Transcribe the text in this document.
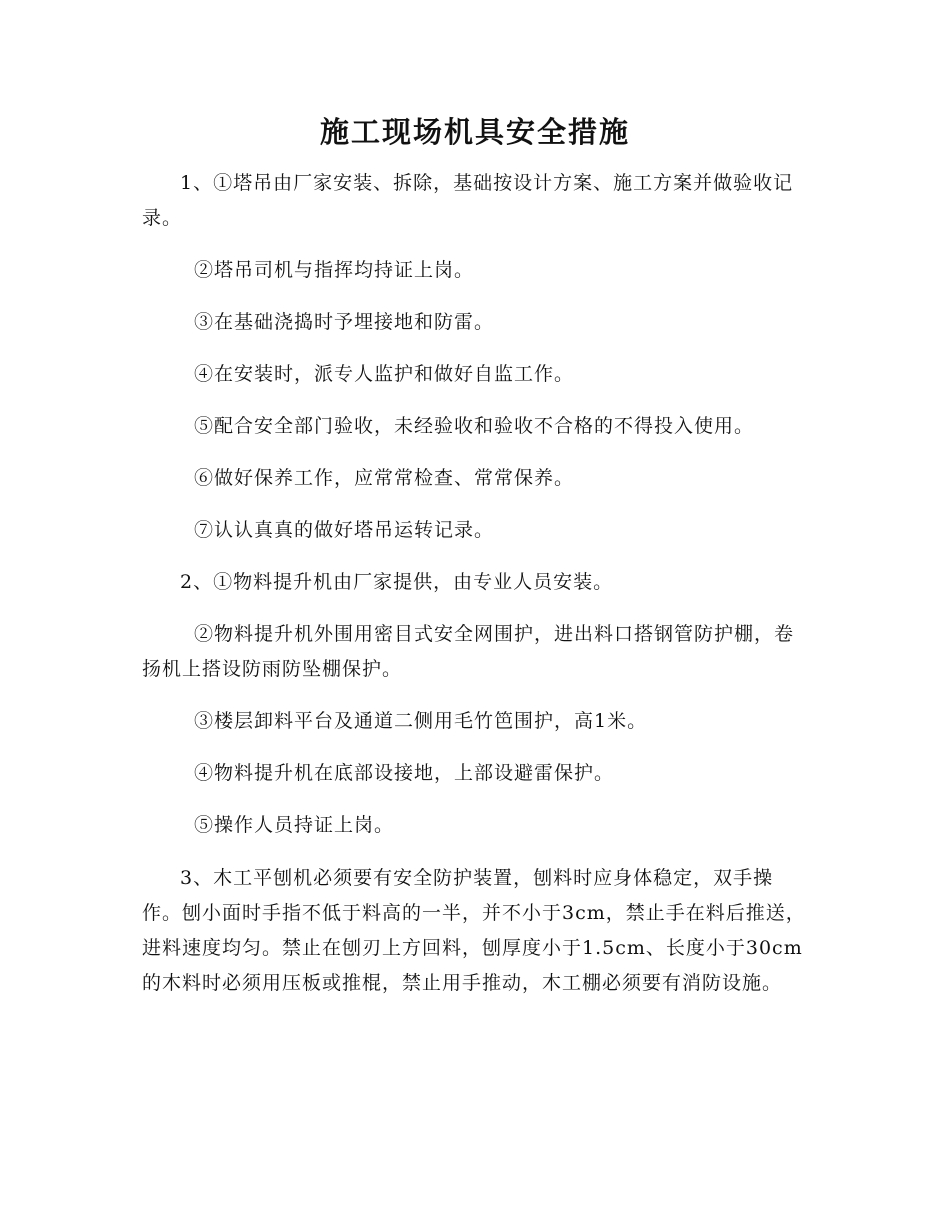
施工现场机具安全措施

1、①塔吊由厂家安装、拆除，基础按设计方案、施工方案并做验收记录。

②塔吊司机与指挥均持证上岗。

③在基础浇捣时予埋接地和防雷。

④在安装时，派专人监护和做好自监工作。

⑤配合安全部门验收，未经验收和验收不合格的不得投入使用。

⑥做好保养工作，应常常检查、常常保养。

⑦认认真真的做好塔吊运转记录。

2、①物料提升机由厂家提供，由专业人员安装。

②物料提升机外围用密目式安全网围护，进出料口搭钢管防护棚，卷扬机上搭设防雨防坠棚保护。

③楼层卸料平台及通道二侧用毛竹笆围护，高1米。

④物料提升机在底部设接地，上部设避雷保护。

⑤操作人员持证上岗。

3、木工平刨机必须要有安全防护装置，刨料时应身体稳定，双手操作。刨小面时手指不低于料高的一半，并不小于3cm，禁止手在料后推送，进料速度均匀。禁止在刨刃上方回料，刨厚度小于1.5cm、长度小于30cm的木料时必须用压板或推棍，禁止用手推动，木工棚必须要有消防设施。
